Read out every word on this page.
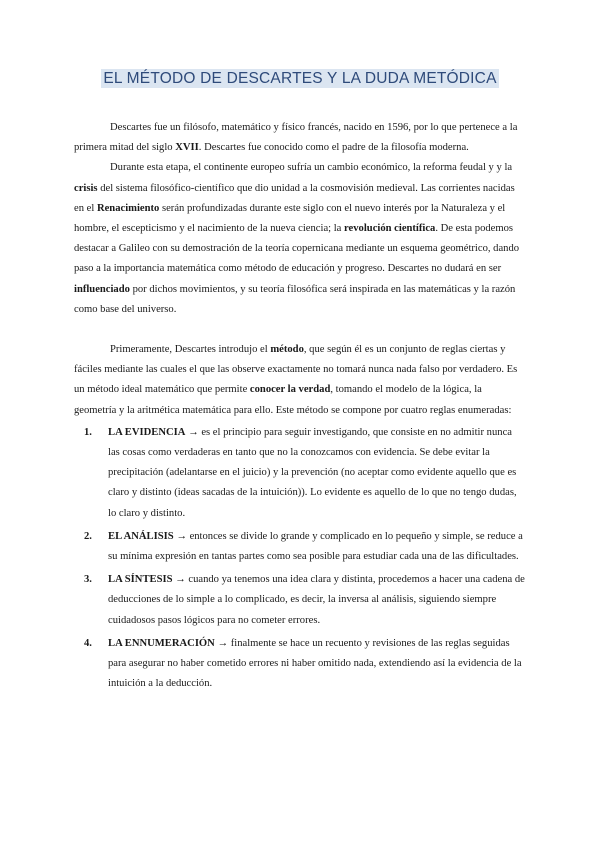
EL MÉTODO DE DESCARTES Y LA DUDA METÓDICA

Descartes fue un filósofo, matemático y físico francés, nacido en 1596, por lo que pertenece a la primera mitad del siglo XVII. Descartes fue conocido como el padre de la filosofía moderna.

Durante esta etapa, el continente europeo sufría un cambio económico, la reforma feudal y y la crisis del sistema filosófico-científico que dio unidad a la cosmovisión medieval. Las corrientes nacidas en el Renacimiento serán profundizadas durante este siglo con el nuevo interés por la Naturaleza y el hombre, el escepticismo y el nacimiento de la nueva ciencia; la revolución científica. De esta podemos destacar a Galileo con su demostración de la teoría copernicana mediante un esquema geométrico, dando paso a la importancia matemática como método de educación y progreso. Descartes no dudará en ser influenciado por dichos movimientos, y su teoría filosófica será inspirada en las matemáticas y la razón como base del universo.

Primeramente, Descartes introdujo el método, que según él es un conjunto de reglas ciertas y fáciles mediante las cuales el que las observe exactamente no tomará nunca nada falso por verdadero. Es un método ideal matemático que permite conocer la verdad, tomando el modelo de la lógica, la geometría y la aritmética matemática para ello. Este método se compone por cuatro reglas enumeradas:

1. LA EVIDENCIA → es el principio para seguir investigando, que consiste en no admitir nunca las cosas como verdaderas en tanto que no la conozcamos con evidencia. Se debe evitar la precipitación (adelantarse en el juicio) y la prevención (no aceptar como evidente aquello que es claro y distinto (ideas sacadas de la intuición)). Lo evidente es aquello de lo que no tengo dudas, lo claro y distinto.
2. EL ANÁLISIS → entonces se divide lo grande y complicado en lo pequeño y simple, se reduce a su mínima expresión en tantas partes como sea posible para estudiar cada una de las dificultades.
3. LA SÍNTESIS → cuando ya tenemos una idea clara y distinta, procedemos a hacer una cadena de deducciones de lo simple a lo complicado, es decir, la inversa al análisis, siguiendo siempre cuidadosos pasos lógicos para no cometer errores.
4. LA ENNUMERACIÓN → finalmente se hace un recuento y revisiones de las reglas seguidas para asegurar no haber cometido errores ni haber omitido nada, extendiendo así la evidencia de la intuición a la deducción.
